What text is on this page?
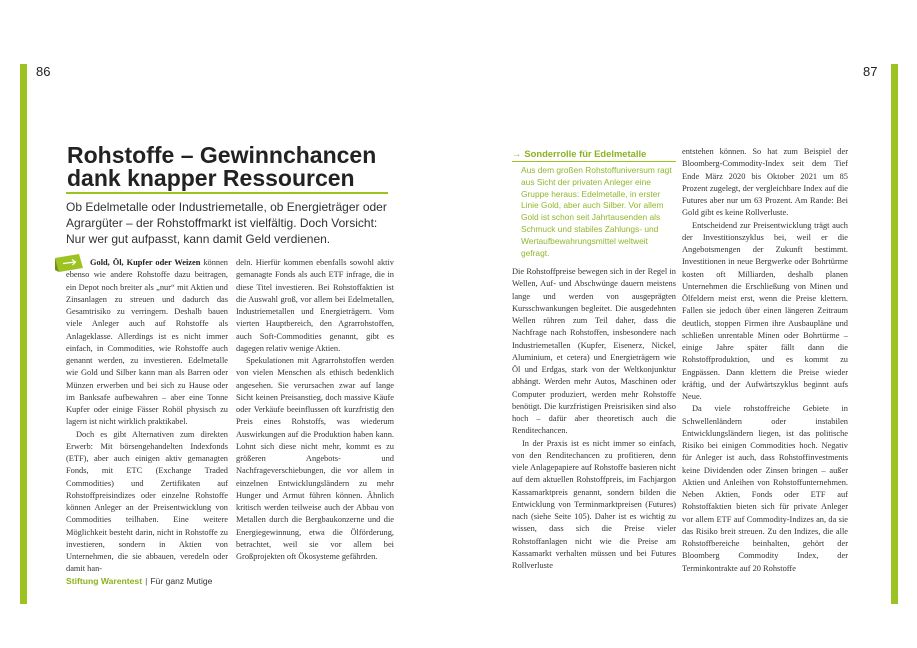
86	87
Rohstoffe – Gewinnchancen
dank knapper Ressourcen

Ob Edelmetalle oder Industriemetalle, ob Energieträger oder Agrargüter – der Rohstoffmarkt ist vielfältig. Doch Vorsicht: Nur wer gut aufpasst, kann damit Geld verdienen.

Gold, Öl, Kupfer oder Weizen können ebenso wie andere Rohstoffe dazu beitragen, ein Depot noch breiter als „nur“ mit Aktien und Zinsanlagen zu streuen und dadurch das Gesamtrisiko zu verringern. Deshalb bauen viele Anleger auch auf Rohstoffe als Anlageklasse. Allerdings ist es nicht immer einfach, in Commodities, wie Rohstoffe auch genannt werden, zu investieren. Edelmetalle wie Gold und Silber kann man als Barren oder Münzen erwerben und bei sich zu Hause oder im Banksafe aufbewahren – aber eine Tonne Kupfer oder einige Fässer Rohöl physisch zu lagern ist nicht wirklich praktikabel.

Doch es gibt Alternativen zum direkten Erwerb: Mit börsengehandelten Indexfonds (ETF), aber auch einigen aktiv gemanagten Fonds, mit ETC (Exchange Traded Commodities) und Zertifikaten auf Rohstoffpreisindizes oder einzelne Rohstoffe können Anleger an der Preisentwicklung von Commodities teilhaben. Eine weitere Möglichkeit besteht darin, nicht in Rohstoffe zu investieren, sondern in Aktien von Unternehmen, die sie abbauen, veredeln oder damit han-

deln. Hierfür kommen ebenfalls sowohl aktiv gemanagte Fonds als auch ETF infrage, die in diese Titel investieren. Bei Rohstoffaktien ist die Auswahl groß, vor allem bei Edelmetallen, Industriemetallen und Energieträgern. Vom vierten Hauptbereich, den Agrarrohstoffen, auch Soft-Commodities genannt, gibt es dagegen relativ wenige Aktien.

Spekulationen mit Agrarrohstoffen werden von vielen Menschen als ethisch bedenklich angesehen. Sie verursachen zwar auf lange Sicht keinen Preisanstieg, doch massive Käufe oder Verkäufe beeinflussen oft kurzfristig den Preis eines Rohstoffs, was wiederum Auswirkungen auf die Produktion haben kann. Lohnt sich diese nicht mehr, kommt es zu größeren Angebots- und Nachfrageverschiebungen, die vor allem in einzelnen Entwicklungsländern zu mehr Hunger und Armut führen können. Ähnlich kritisch werden teilweise auch der Abbau von Metallen durch die Bergbaukonzerne und die Energiegewinnung, etwa die Ölförderung, betrachtet, weil sie vor allem bei Großprojekten oft Ökosysteme gefährden.

→ Sonderrolle für Edelmetalle

Aus dem großen Rohstoffuniversum ragt aus Sicht der privaten Anleger eine Gruppe heraus: Edelmetalle, in erster Linie Gold, aber auch Silber. Vor allem Gold ist schon seit Jahrtausenden als Schmuck und stabiles Zahlungs- und Wertaufbewahrungsmittel weltweit gefragt.

Die Rohstoffpreise bewegen sich in der Regel in Wellen, Auf- und Abschwünge dauern meistens lange und werden von ausgeprägten Kursschwankungen begleitet. Die ausgedehnten Wellen rühren zum Teil daher, dass die Nachfrage nach Rohstoffen, insbesondere nach Industriemetallen (Kupfer, Eisenerz, Nickel, Aluminium, et cetera) und Energieträgern wie Öl und Erdgas, stark von der Weltkonjunktur abhängt. Werden mehr Autos, Maschinen oder Computer produziert, werden mehr Rohstoffe benötigt. Die kurzfristigen Preisrisiken sind also hoch – dafür aber theoretisch auch die Renditechancen.

In der Praxis ist es nicht immer so einfach, von den Renditechancen zu profitieren, denn viele Anlagepapiere auf Rohstoffe basieren nicht auf dem aktuellen Rohstoffpreis, im Fachjargon Kassamarktpreis genannt, sondern bilden die Entwicklung von Terminmarktpreisen (Futures) nach (siehe Seite 105). Daher ist es wichtig zu wissen, dass sich die Preise vieler Rohstoffanlagen nicht wie die Preise am Kassamarkt verhalten müssen und bei Futures Rollverluste

entstehen können. So hat zum Beispiel der Bloomberg-Commodity-Index seit dem Tief Ende März 2020 bis Oktober 2021 um 85 Prozent zugelegt, der vergleichbare Index auf die Futures aber nur um 63 Prozent. Am Rande: Bei Gold gibt es keine Rollverluste.

Entscheidend zur Preisentwicklung trägt auch der Investitionszyklus bei, weil er die Angebotsmengen der Zukunft bestimmt. Investitionen in neue Bergwerke oder Bohrtürme kosten oft Milliarden, deshalb planen Unternehmen die Erschließung von Minen und Ölfeldern meist erst, wenn die Preise klettern. Fallen sie jedoch über einen längeren Zeitraum deutlich, stoppen Firmen ihre Ausbaupläne und schließen unrentable Minen oder Bohrtürme – einige Jahre später fällt dann die Rohstoffproduktion, und es kommt zu Engpässen. Dann klettern die Preise wieder kräftig, und der Aufwärtszyklus beginnt aufs Neue.

Da viele rohstoffreiche Gebiete in Schwellenländern oder instabilen Entwicklungsländern liegen, ist das politische Risiko bei einigen Commodities hoch. Negativ für Anleger ist auch, dass Rohstoffinvestments keine Dividenden oder Zinsen bringen – außer Aktien und Anleihen von Rohstoffunternehmen. Neben Aktien, Fonds oder ETF auf Rohstoffaktien bieten sich für private Anleger vor allem ETF auf Commodity-Indizes an, da sie das Risiko breit streuen. Zu den Indizes, die alle Rohstoffbereiche beinhalten, gehört der Bloomberg Commodity Index, der Terminkontrakte auf 20 Rohstoffe

Stiftung Warentest | Für ganz Mutige
